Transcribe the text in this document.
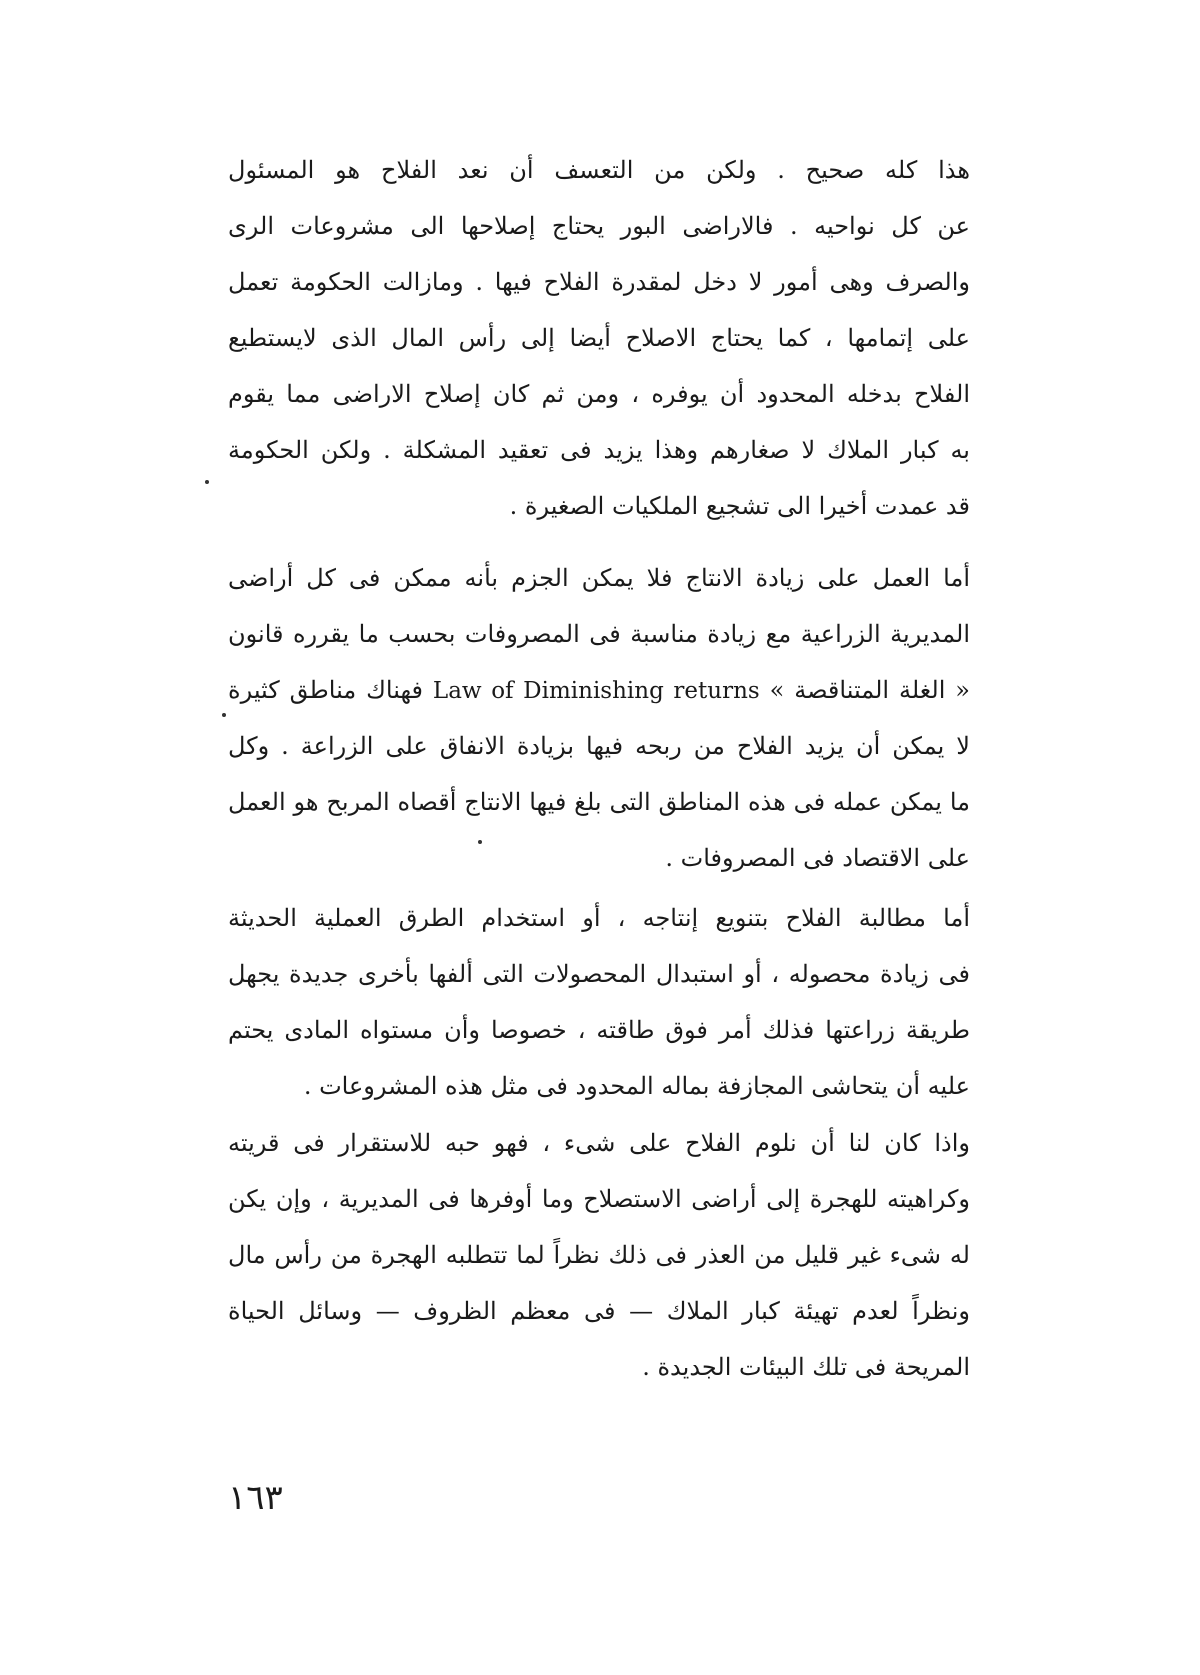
هذا كله صحيح . ولكن من التعسف أن نعد الفلاح هو المسئول
عن كل نواحيه . فالاراضى البور يحتاج إصلاحها الى مشروعات الرى
والصرف وهى أمور لا دخل لمقدرة الفلاح فيها . ومازالت الحكومة تعمل
على إتمامها ، كما يحتاج الاصلاح أيضا إلى رأس المال الذى لايستطيع
الفلاح بدخله المحدود أن يوفره ، ومن ثم كان إصلاح الاراضى مما يقوم
به كبار الملاك لا صغارهم وهذا يزيد فى تعقيد المشكلة . ولكن الحكومة
قد عمدت أخيرا الى تشجيع الملكيات الصغيرة .
أما العمل على زيادة الانتاج فلا يمكن الجزم بأنه ممكن فى كل أراضى
المديرية الزراعية مع زيادة مناسبة فى المصروفات بحسب ما يقرره قانون
« الغلة المتناقصة » Law of Diminishing returns فهناك مناطق كثيرة
لا يمكن أن يزيد الفلاح من ربحه فيها بزيادة الانفاق على الزراعة . وكل
ما يمكن عمله فى هذه المناطق التى بلغ فيها الانتاج أقصاه المربح هو العمل
على الاقتصاد فى المصروفات .
أما مطالبة الفلاح بتنويع إنتاجه ، أو استخدام الطرق العملية الحديثة
فى زيادة محصوله ، أو استبدال المحصولات التى ألفها بأخرى جديدة يجهل
طريقة زراعتها فذلك أمر فوق طاقته ، خصوصا وأن مستواه المادى يحتم
عليه أن يتحاشى المجازفة بماله المحدود فى مثل هذه المشروعات .
واذا كان لنا أن نلوم الفلاح على شىء ، فهو حبه للاستقرار فى قريته
وكراهيته للهجرة إلى أراضى الاستصلاح وما أوفرها فى المديرية ، وإن يكن
له شىء غير قليل من العذر فى ذلك نظراً لما تتطلبه الهجرة من رأس مال
ونظراً لعدم تهيئة كبار الملاك — فى معظم الظروف — وسائل الحياة
المريحة فى تلك البيئات الجديدة .
١٦٣
